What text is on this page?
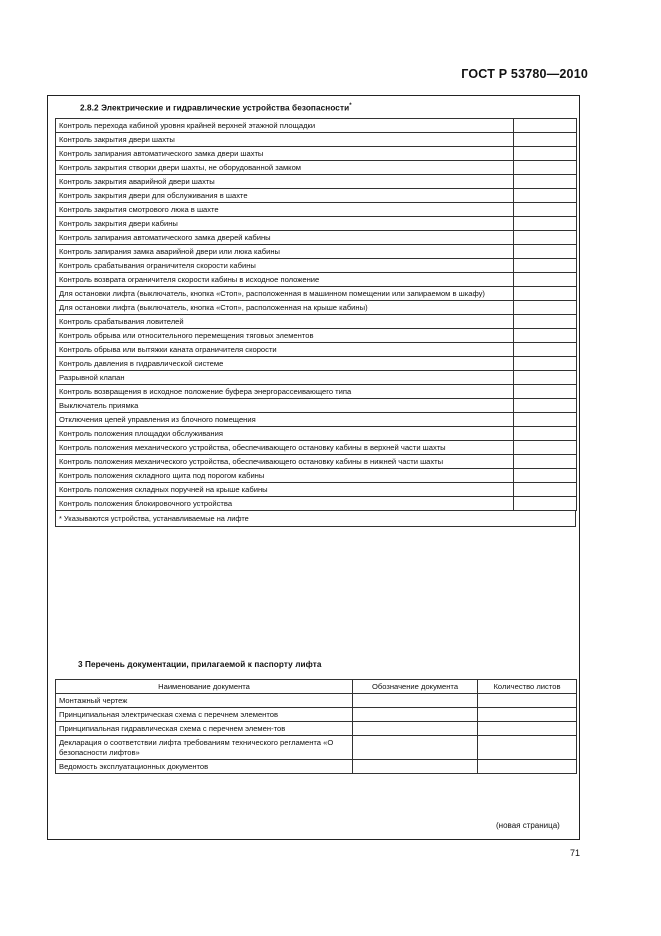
ГОСТ Р 53780—2010
2.8.2 Электрические и гидравлические устройства безопасности*
Контроль перехода кабиной уровня крайней верхней этажной площадки	
Контроль закрытия двери шахты	
Контроль запирания автоматического замка двери шахты	
Контроль закрытия створки двери шахты, не оборудованной замком	
Контроль закрытия аварийной двери шахты	
Контроль закрытия двери для обслуживания в шахте	
Контроль закрытия смотрового люка в шахте	
Контроль закрытия двери кабины	
Контроль запирания автоматического замка дверей кабины	
Контроль запирания замка аварийной двери или люка кабины	
Контроль срабатывания ограничителя скорости кабины	
Контроль возврата ограничителя скорости кабины в исходное положение	
Для остановки лифта (выключатель, кнопка «Стоп», расположенная в машинном помещении или запираемом в шкафу)	
Для остановки лифта (выключатель, кнопка «Стоп», расположенная на крыше кабины)	
Контроль срабатывания ловителей	
Контроль обрыва или относительного перемещения тяговых элементов	
Контроль обрыва или вытяжки каната ограничителя скорости	
Контроль давления в гидравлической системе	
Разрывной клапан	
Контроль возвращения в исходное положение буфера энергорассеивающего типа	
Выключатель приямка	
Отключения цепей управления из блочного помещения	
Контроль положения площадки обслуживания	
Контроль положения механического устройства, обеспечивающего остановку кабины в верхней части шахты	
Контроль положения механического устройства, обеспечивающего остановку кабины в нижней части шахты	
Контроль положения складного щита под порогом кабины	
Контроль положения складных поручней на крыше кабины	
Контроль положения блокировочного устройства	
* Указываются устройства, устанавливаемые на лифте
3 Перечень документации, прилагаемой к паспорту лифта
Наименование документа	Обозначение документа	Количество листов
Монтажный чертеж		
Принципиальная электрическая схема с перечнем элементов		
Принципиальная гидравлическая схема с перечнем элемен-тов		
Декларация о соответствии лифта требованиям технического регламента «О безопасности лифтов»		
Ведомость эксплуатационных документов		
(новая страница)
71
